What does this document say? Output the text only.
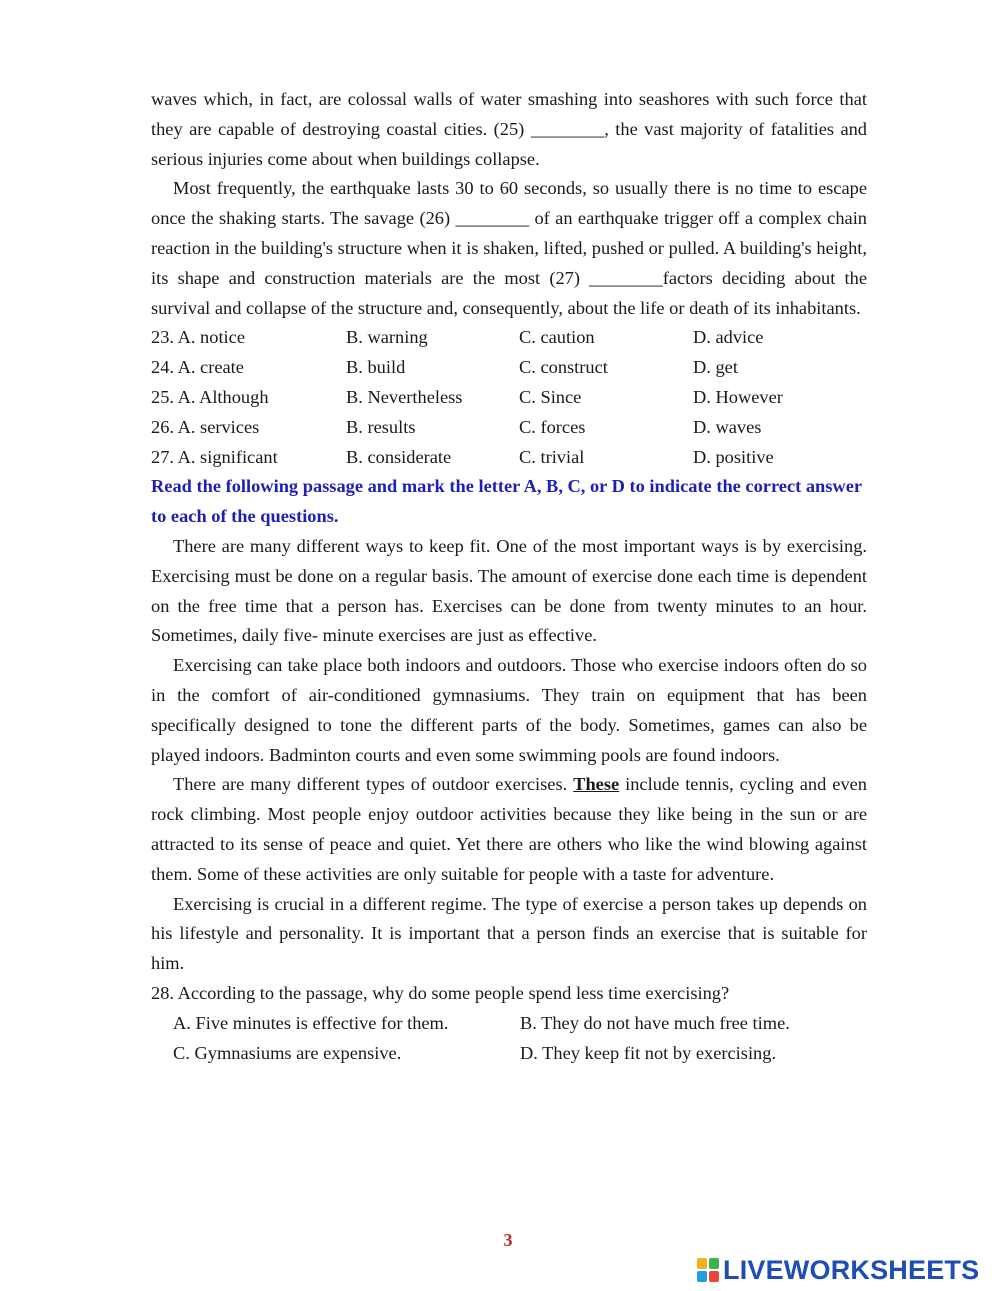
waves which, in fact, are colossal walls of water smashing into seashores with such force that they are capable of destroying coastal cities. (25) ________, the vast majority of fatalities and serious injuries come about when buildings collapse.

Most frequently, the earthquake lasts 30 to 60 seconds, so usually there is no time to escape once the shaking starts. The savage (26) ________ of an earthquake trigger off a complex chain reaction in the building's structure when it is shaken, lifted, pushed or pulled. A building's height, its shape and construction materials are the most (27) ________factors deciding about the survival and collapse of the structure and, consequently, about the life or death of its inhabitants.

23. A. notice	B. warning	C. caution	D. advice
24. A. create	B. build	C. construct	D. get
25. A. Although	B. Nevertheless	C. Since	D. However
26. A. services	B. results	C. forces	D. waves
27. A. significant	B. considerate	C. trivial	D. positive

Read the following passage and mark the letter A, B, C, or D to indicate the correct answer to each of the questions.

There are many different ways to keep fit. One of the most important ways is by exercising. Exercising must be done on a regular basis. The amount of exercise done each time is dependent on the free time that a person has. Exercises can be done from twenty minutes to an hour. Sometimes, daily five- minute exercises are just as effective.

Exercising can take place both indoors and outdoors. Those who exercise indoors often do so in the comfort of air-conditioned gymnasiums. They train on equipment that has been specifically designed to tone the different parts of the body. Sometimes, games can also be played indoors. Badminton courts and even some swimming pools are found indoors.

There are many different types of outdoor exercises. These include tennis, cycling and even rock climbing. Most people enjoy outdoor activities because they like being in the sun or are attracted to its sense of peace and quiet. Yet there are others who like the wind blowing against them. Some of these activities are only suitable for people with a taste for adventure.

Exercising is crucial in a different regime. The type of exercise a person takes up depends on his lifestyle and personality. It is important that a person finds an exercise that is suitable for him.

28. According to the passage, why do some people spend less time exercising?
A. Five minutes is effective for them.	B. They do not have much free time.
C. Gymnasiums are expensive.	D. They keep fit not by exercising.
3
LIVEWORKSHEETS
